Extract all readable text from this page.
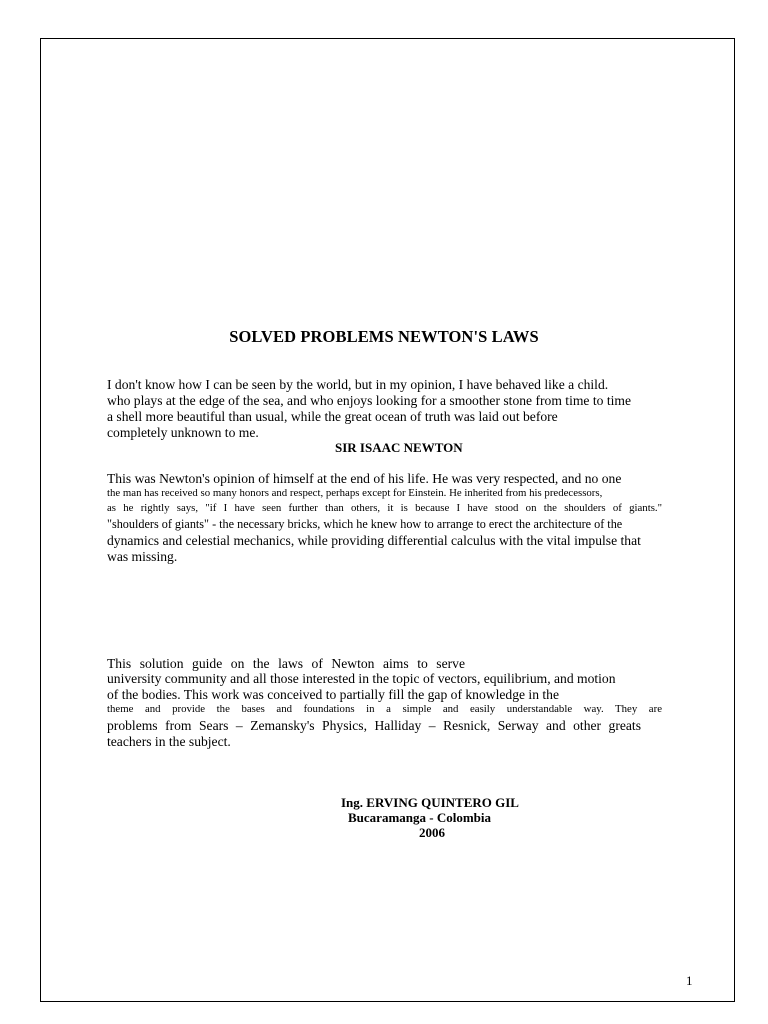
SOLVED PROBLEMS NEWTON'S LAWS
I don't know how I can be seen by the world, but in my opinion, I have behaved like a child.
who plays at the edge of the sea, and who enjoys looking for a smoother stone from time to time
a shell more beautiful than usual, while the great ocean of truth was laid out before
completely unknown to me.
SIR ISAAC NEWTON
This was Newton's opinion of himself at the end of his life. He was very respected, and no one
the man has received so many honors and respect, perhaps except for Einstein. He inherited from his predecessors,
as he rightly says, "if I have seen further than others, it is because I have stood on the shoulders of giants."
"shoulders of giants" - the necessary bricks, which he knew how to arrange to erect the architecture of the
dynamics and celestial mechanics, while providing differential calculus with the vital impulse that
was missing.
This solution guide on the laws of Newton aims to serve
university community and all those interested in the topic of vectors, equilibrium, and motion
of the bodies. This work was conceived to partially fill the gap of knowledge in the
theme and provide the bases and foundations in a simple and easily understandable way. They are
problems from Sears – Zemansky's Physics, Halliday – Resnick, Serway and other greats
teachers in the subject.
Ing. ERVING QUINTERO GIL
Bucaramanga - Colombia
2006
1
